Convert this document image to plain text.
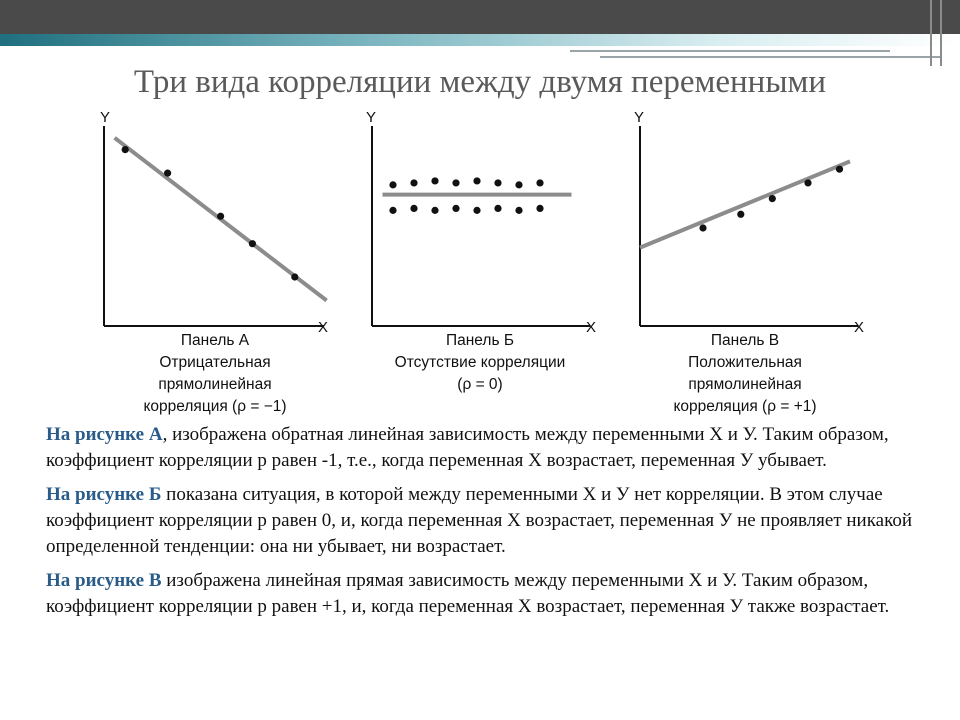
Три вида корреляции между двумя переменными
Y
X
Y
X
Y
X
Панель А
Отрицательная
прямолинейная
корреляция (ρ = −1)
Панель Б
Отсутствие корреляции
(ρ = 0)
Панель В
Положительная
прямолинейная
корреляция (ρ = +1)

На рисунке А, изображена обратная линейная зависимость между переменными X и У. Таким образом, коэффициент корреляции р равен -1, т.е., когда переменная X возрастает, переменная У убывает.

На рисунке Б показана ситуация, в которой между переменными X и У нет корреляции. В этом случае коэффициент корреляции р равен 0, и, когда переменная X возрастает, переменная У не проявляет никакой определенной тенденции: она ни убывает, ни возрастает.

На рисунке В изображена линейная прямая зависимость между переменными X и У. Таким образом, коэффициент корреляции р равен +1, и, когда переменная X возрастает, переменная У также возрастает.
